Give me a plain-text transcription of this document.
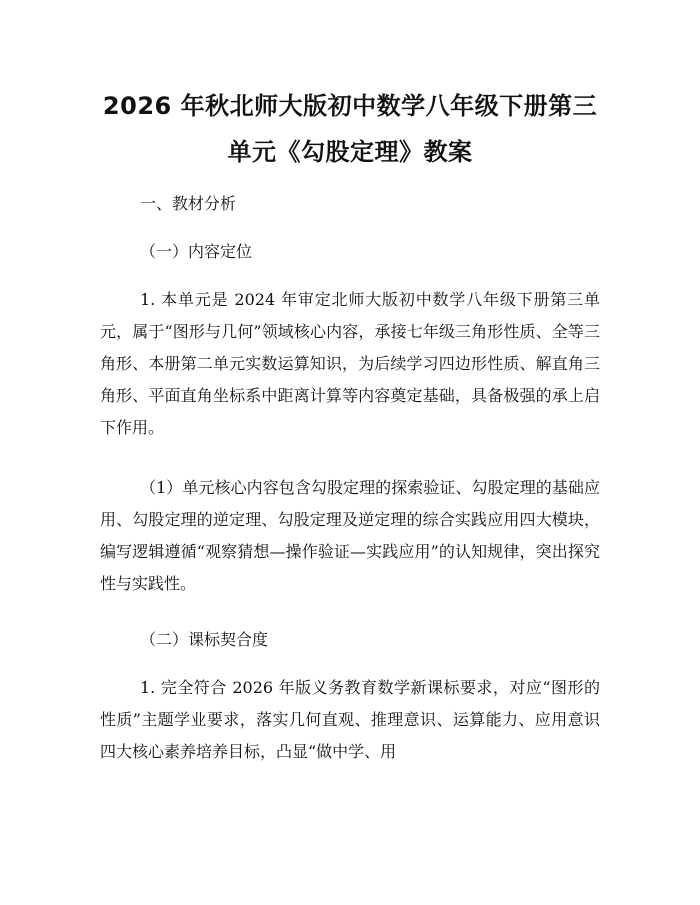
2026 年秋北师大版初中数学八年级下册第三
单元《勾股定理》教案

一、教材分析

（一）内容定位

1. 本单元是 2024 年审定北师大版初中数学八年级下册第三单元，属于“图形与几何”领域核心内容，承接七年级三角形性质、全等三角形、本册第二单元实数运算知识，为后续学习四边形性质、解直角三角形、平面直角坐标系中距离计算等内容奠定基础，具备极强的承上启下作用。

（1）单元核心内容包含勾股定理的探索验证、勾股定理的基础应用、勾股定理的逆定理、勾股定理及逆定理的综合实践应用四大模块，编写逻辑遵循“观察猜想—操作验证—实践应用”的认知规律，突出探究性与实践性。

（二）课标契合度

1. 完全符合 2026 年版义务教育数学新课标要求，对应“图形的性质”主题学业要求，落实几何直观、推理意识、运算能力、应用意识四大核心素养培养目标，凸显“做中学、用
